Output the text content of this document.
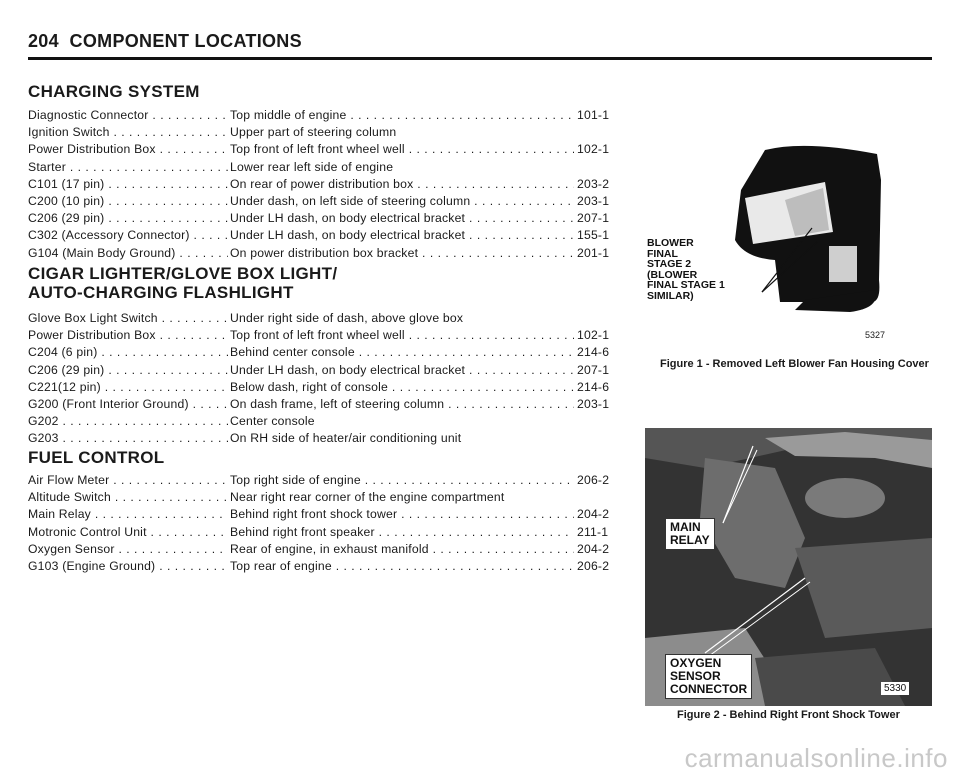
204 COMPONENT LOCATIONS
CHARGING SYSTEM
Diagnostic Connector . . .	Top middle of engine . . .	101-1
Ignition Switch . . .	Upper part of steering column
Power Distribution Box . . .	Top front of left front wheel well . . .	102-1
Starter . . .	Lower rear left side of engine
C101 (17 pin) . . .	On rear of power distribution box . . .	203-2
C200 (10 pin) . . .	Under dash, on left side of steering column . . .	203-1
C206 (29 pin) . . .	Under LH dash, on body electrical bracket . . .	207-1
C302 (Accessory Connector) . . .	Under LH dash, on body electrical bracket . . .	155-1
G104 (Main Body Ground) . . .	On power distribution box bracket . . .	201-1
CIGAR LIGHTER/GLOVE BOX LIGHT/
AUTO-CHARGING FLASHLIGHT
Glove Box Light Switch . . .	Under right side of dash, above glove box
Power Distribution Box . . .	Top front of left front wheel well . . .	102-1
C204 (6 pin) . . .	Behind center console . . .	214-6
C206 (29 pin) . . .	Under LH dash, on body electrical bracket . . .	207-1
C221(12 pin) . . .	Below dash, right of console . . .	214-6
G200 (Front Interior Ground) . . .	On dash frame, left of steering column . . .	203-1
G202 . . .	Center console
G203 . . .	On RH side of heater/air conditioning unit
FUEL CONTROL
Air Flow Meter . . .	Top right side of engine . . .	206-2
Altitude Switch . . .	Near right rear corner of the engine compartment
Main Relay . . .	Behind right front shock tower . . .	204-2
Motronic Control Unit . . .	Behind right front speaker . . .	211-1
Oxygen Sensor . . .	Rear of engine, in exhaust manifold . . .	204-2
G103 (Engine Ground) . . .	Top rear of engine . . .	206-2
BLOWER
FINAL
STAGE 2
(BLOWER
FINAL STAGE 1
SIMILAR)
5327
Figure 1 - Removed Left Blower Fan Housing Cover
MAIN
RELAY
OXYGEN
SENSOR
CONNECTOR	5330
Figure 2 - Behind Right Front Shock Tower
carmanualsonline.info
